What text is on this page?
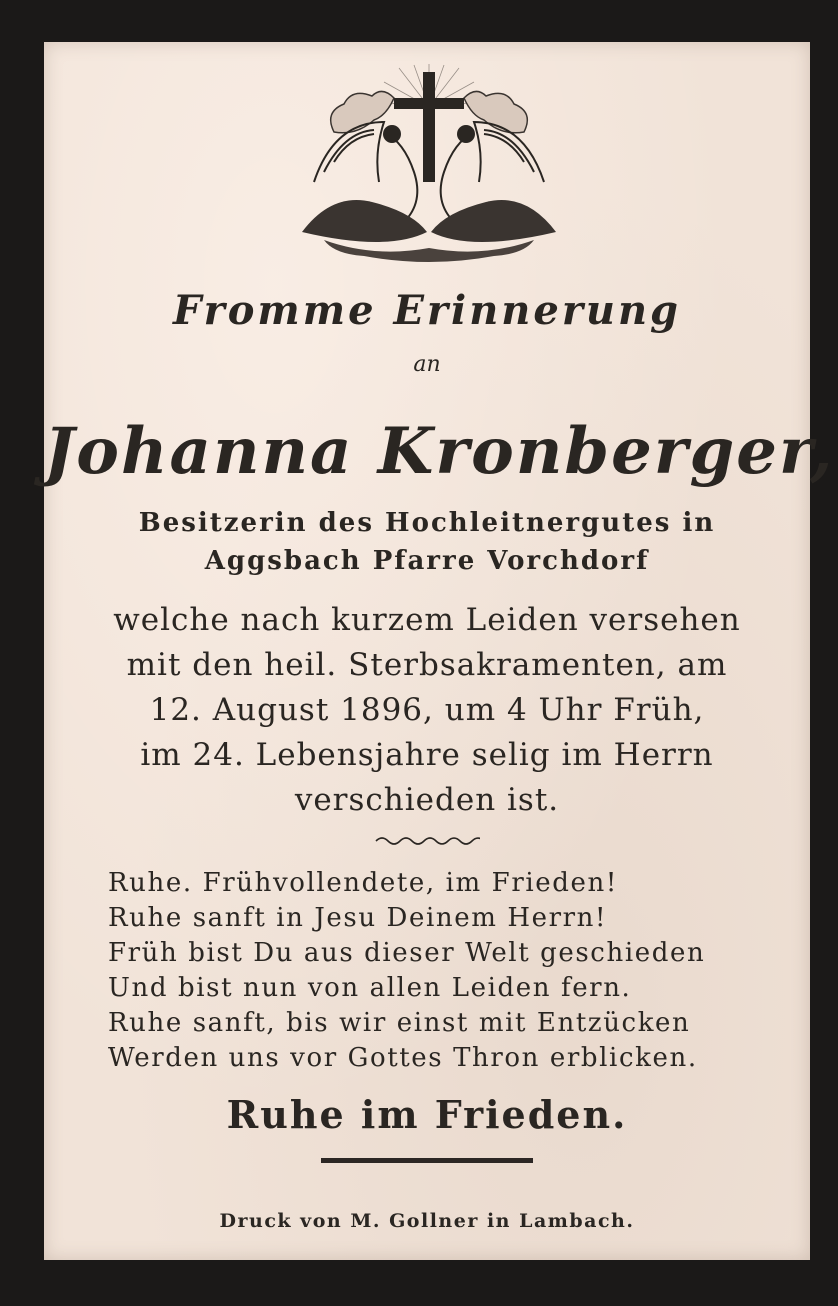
Fromme Erinnerung
an
Johanna Kronberger,
Besitzerin des Hochleitnergutes in
Aggsbach Pfarre Vorchdorf
welche nach kurzem Leiden versehen
mit den heil. Sterbsakramenten, am
12. August 1896, um 4 Uhr Früh,
im 24. Lebensjahre selig im Herrn
verschieden ist.
Ruhe. Frühvollendete, im Frieden!
Ruhe sanft in Jesu Deinem Herrn!
Früh bist Du aus dieser Welt geschieden
Und bist nun von allen Leiden fern.
Ruhe sanft, bis wir einst mit Entzücken
Werden uns vor Gottes Thron erblicken.
Ruhe im Frieden.
Druck von M. Gollner in Lambach.
